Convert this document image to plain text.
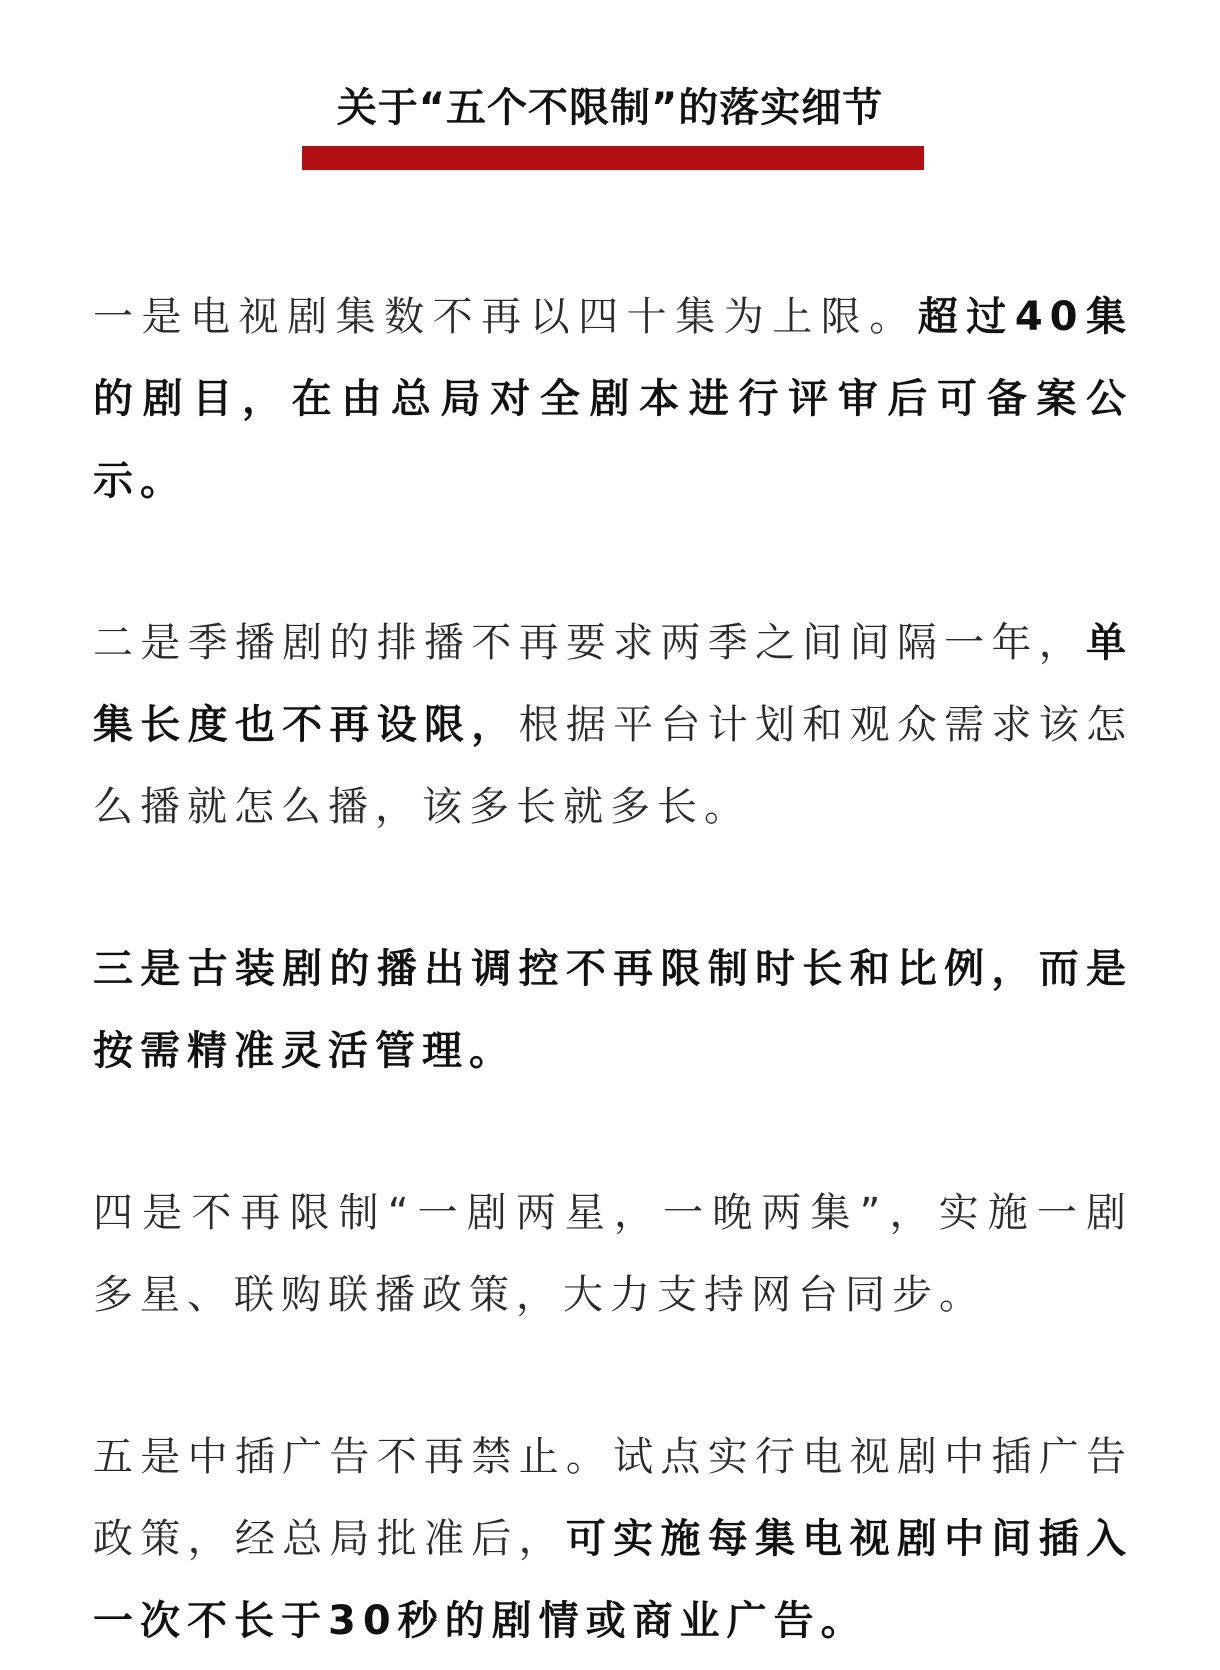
关于“五个不限制”的落实细节

一是电视剧集数不再以四十集为上限。超过40集的剧目，在由总局对全剧本进行评审后可备案公示。

二是季播剧的排播不再要求两季之间间隔一年，单集长度也不再设限，根据平台计划和观众需求该怎么播就怎么播，该多长就多长。

三是古装剧的播出调控不再限制时长和比例，而是按需精准灵活管理。

四是不再限制“一剧两星，一晚两集”，实施一剧多星、联购联播政策，大力支持网台同步。

五是中插广告不再禁止。试点实行电视剧中插广告政策，经总局批准后，可实施每集电视剧中间插入一次不长于30秒的剧情或商业广告。
